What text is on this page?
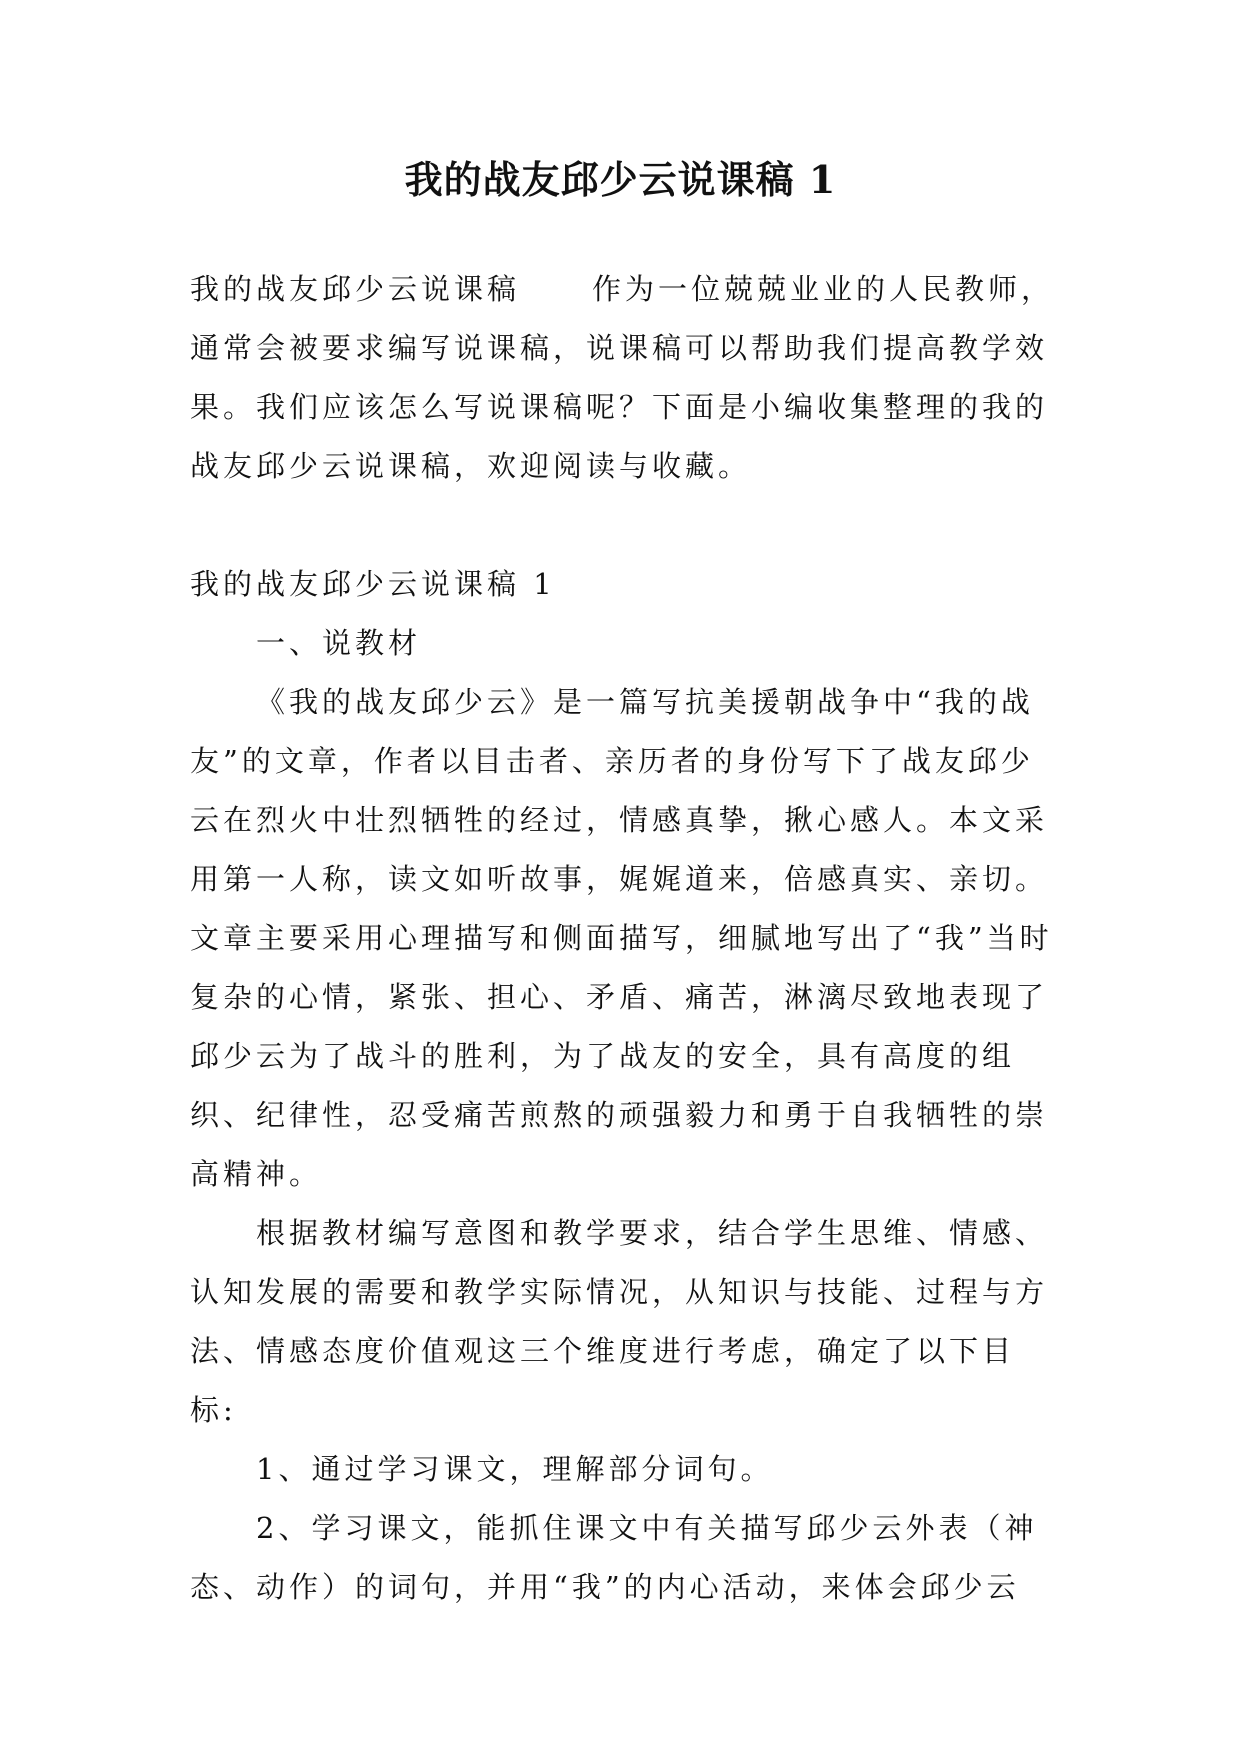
我的战友邱少云说课稿 1

我的战友邱少云说课稿 作为一位兢兢业业的人民教师，通常会被要求编写说课稿，说课稿可以帮助我们提高教学效果。我们应该怎么写说课稿呢？下面是小编收集整理的我的战友邱少云说课稿，欢迎阅读与收藏。

我的战友邱少云说课稿 1

一、说教材

《我的战友邱少云》是一篇写抗美援朝战争中“我的战友”的文章，作者以目击者、亲历者的身份写下了战友邱少云在烈火中壮烈牺牲的经过，情感真挚，揪心感人。本文采用第一人称，读文如听故事，娓娓道来，倍感真实、亲切。文章主要采用心理描写和侧面描写，细腻地写出了“我”当时复杂的心情，紧张、担心、矛盾、痛苦，淋漓尽致地表现了邱少云为了战斗的胜利，为了战友的安全，具有高度的组织、纪律性，忍受痛苦煎熬的顽强毅力和勇于自我牺牲的崇高精神。

根据教材编写意图和教学要求，结合学生思维、情感、认知发展的需要和教学实际情况，从知识与技能、过程与方法、情感态度价值观这三个维度进行考虑，确定了以下目标:

1、通过学习课文，理解部分词句。

2、学习课文，能抓住课文中有关描写邱少云外表（神态、动作）的词句，并用“我”的内心活动，来体会邱少云
